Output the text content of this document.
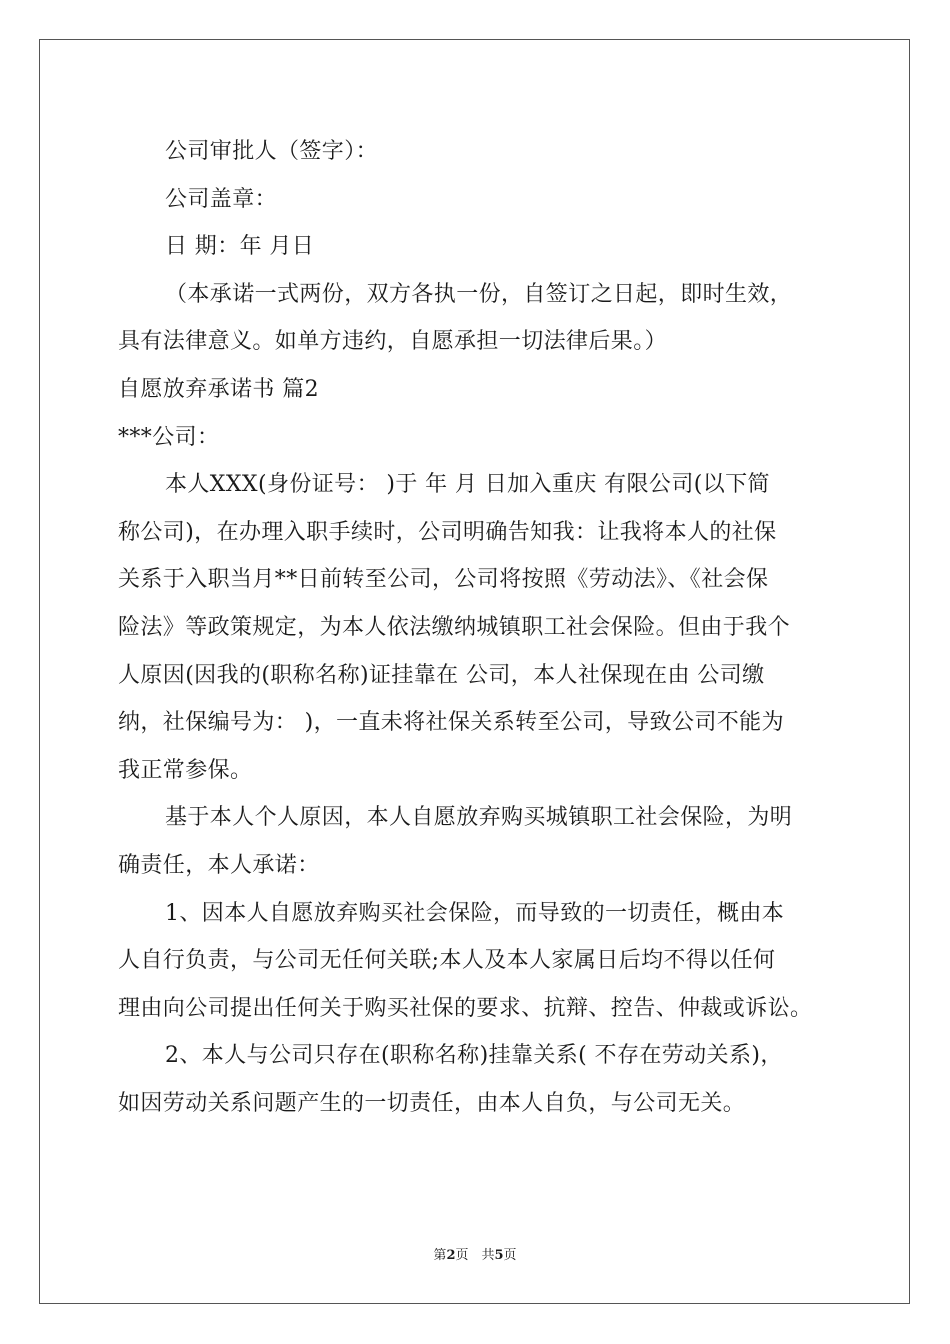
公司审批人（签字）：
公司盖章：
日 期：年 月日
（本承诺一式两份，双方各执一份，自签订之日起，即时生效，
具有法律意义。如单方违约，自愿承担一切法律后果。）
自愿放弃承诺书 篇2
***公司：
本人XXX(身份证号： )于 年 月 日加入重庆 有限公司(以下简
称公司)，在办理入职手续时，公司明确告知我：让我将本人的社保
关系于入职当月**日前转至公司，公司将按照《劳动法》、《社会保
险法》等政策规定，为本人依法缴纳城镇职工社会保险。但由于我个
人原因(因我的(职称名称)证挂靠在 公司，本人社保现在由 公司缴
纳，社保编号为： )，一直未将社保关系转至公司，导致公司不能为
我正常参保。
基于本人个人原因，本人自愿放弃购买城镇职工社会保险，为明
确责任，本人承诺：
1、因本人自愿放弃购买社会保险，而导致的一切责任，概由本
人自行负责，与公司无任何关联;本人及本人家属日后均不得以任何
理由向公司提出任何关于购买社保的要求、抗辩、控告、仲裁或诉讼。
2、本人与公司只存在(职称名称)挂靠关系( 不存在劳动关系)，
如因劳动关系问题产生的一切责任，由本人自负，与公司无关。
第2页　共5页
